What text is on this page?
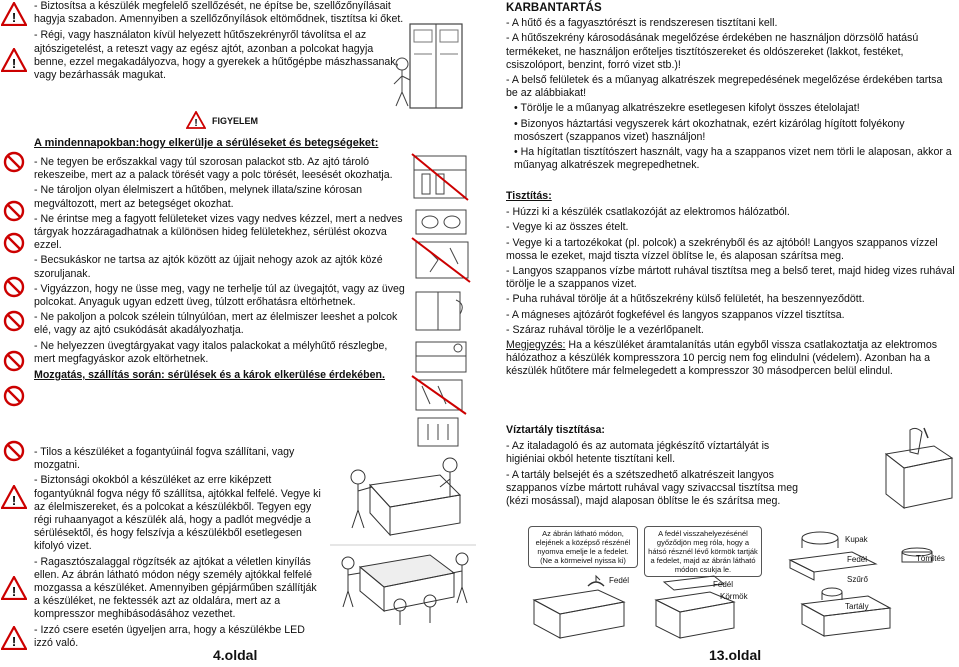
!
!
- Biztosítsa a készülék megfelelő szellőzését, ne építse be, szellőzőnyílásait hagyja szabadon. Amennyiben a szellőzőnyílások eltömődnek, tisztítsa ki őket.
- Régi, vagy használaton kívül helyezett hűtőszekrényről távolítsa el az ajtószigetelést, a reteszt vagy az egész ajtót, azonban a polcokat hagyja benne, ezzel megakadályozva, hogy a gyerekek a hűtőgépbe mászhassanak, vagy bezárhassák magukat.
! FIGYELEM
A mindennapokban:hogy elkerülje a sérüléseket és betegségeket:
!
!
!
- Ne tegyen be erőszakkal vagy túl szorosan palackot stb. Az ajtó tároló rekeszeibe, mert az a palack törését vagy a polc törését, leesését okozhatja.
- Ne tároljon olyan élelmiszert a hűtőben, melynek illata/szine kórosan megváltozott, mert az betegséget okozhat.
- Ne érintse meg a fagyott felületeket vizes vagy nedves kézzel, mert a nedves tárgyak hozzáragadhatnak a különösen hideg felületekhez, sérülést okozva ezzel.
- Becsukáskor ne tartsa az ajtók között az újjait nehogy azok az ajtók közé szoruljanak.
- Vigyázzon, hogy ne üsse meg, vagy ne terhelje túl az üvegajtót, vagy az üveg polcokat. Anyaguk ugyan edzett üveg, túlzott erőhatásra eltörhetnek.
- Ne pakoljon a polcok szélein túlnyúlóan, mert az élelmiszer leeshet a polcok elé, vagy az ajtó csukódását akadályozhatja.
- Ne helyezzen üvegtárgyakat vagy italos palackokat a mélyhűtő részlegbe, mert megfagyáskor azok eltörhetnek.
Mozgatás, szállítás során: sérülések és a károk elkerülése érdekében.
- Tilos a készüléket a fogantyúinál fogva szállítani, vagy mozgatni.
- Biztonsági okokból a készüléket az erre kiképzett fogantyúknál fogva négy fő szállítsa, ajtókkal felfelé. Vegye ki az élelmiszereket, és a polcokat a készülékből. Tegyen egy régi ruhaanyagot a készülék alá, hogy a padlót megvédje a sérülésektől, és hogy felszívja a készülékből esetlegesen kifolyó vizet.
- Ragasztószalaggal rögzítsék az ajtókat a véletlen kinyílás ellen. Az ábrán látható módon négy személy ajtókkal felfelé mozgassa a készüléket. Amennyiben gépjárműben szállítják a készüléket, ne fektessék azt az oldalára, mert az a kompresszor meghibásodásához vezethet.
- Izzó csere esetén ügyeljen arra, hogy a készülékbe LED izzó való.
4.oldal
KARBANTARTÁS
- A hűtő és a fagyasztórészt is rendszeresen tisztítani kell.
- A hűtőszekrény károsodásának megelőzése érdekében ne használjon dörzsölő hatású termékeket, ne használjon erőteljes tisztítószereket és oldószereket (lakkot, festéket, csiszolóport, benzint, forró vizet stb.)!
- A belső felületek és a műanyag alkatrészek megrepedésének megelőzése érdekében tartsa be az alábbiakat!
• Törölje le a műanyag alkatrészekre esetlegesen kifolyt összes ételolajat!
• Bizonyos háztartási vegyszerek kárt okozhatnak, ezért kizárólag hígított folyékony mosószert (szappanos vizet) használjon!
• Ha hígítatlan tisztítószert használt, vagy ha a szappanos vizet nem törli le alaposan, akkor a műanyag alkatrészek megrepedhetnek.
Tisztítás:
- Húzzi ki a készülék csatlakozóját az elektromos hálózatból.
- Vegye ki az összes ételt.
- Vegye ki a tartozékokat (pl. polcok) a szekrényből és az ajtóból! Langyos szappanos vízzel mossa le ezeket, majd tiszta vízzel öblítse le, és alaposan szárítsa meg.
- Langyos szappanos vízbe mártott ruhával tisztítsa meg a belső teret, majd hideg vizes ruhával törölje le a szappanos vizet.
- Puha ruhával törölje át a hűtőszekrény külső felületét, ha beszennyeződött.
- A mágneses ajtózárót fogkefével és langyos szappanos vízzel tisztítsa.
- Száraz ruhával törölje le a vezérlőpanelt.
Megjegyzés: Ha a készüléket áramtalanítás után egyből vissza csatlakoztatja az elektromos hálózathoz a készülék kompresszora 10 percig nem fog elindulni (védelem). Azonban ha a készülék hűtőtere már felmelegedett a kompresszor 30 másodpercen belül elindul.
Víztartály tisztítása:
- Az italadagoló és az automata jégkészítő víztartályát is higiéniai okból hetente tisztítani kell.
- A tartály belsejét és a szétszedhető alkatrészeit langyos szappanos vízbe mártott ruhával vagy szivaccsal tisztítsa meg (kézi mosással), majd alaposan öblítse le és szárítsa meg.
Az ábrán látható módon, elejének a középső részénél nyomva emelje le a fedelet. (Ne a körmeivel nyissa ki)
A fedél visszahelyezésénél győződjön meg róla, hogy a hátsó résznél lévő körmök tartják a fedelet, majd az ábrán látható módon csukja le.
Fedél	Fedél
Körmök
Kupak
Fedél	Tömítés
Szűrő
Tartály
13.oldal
